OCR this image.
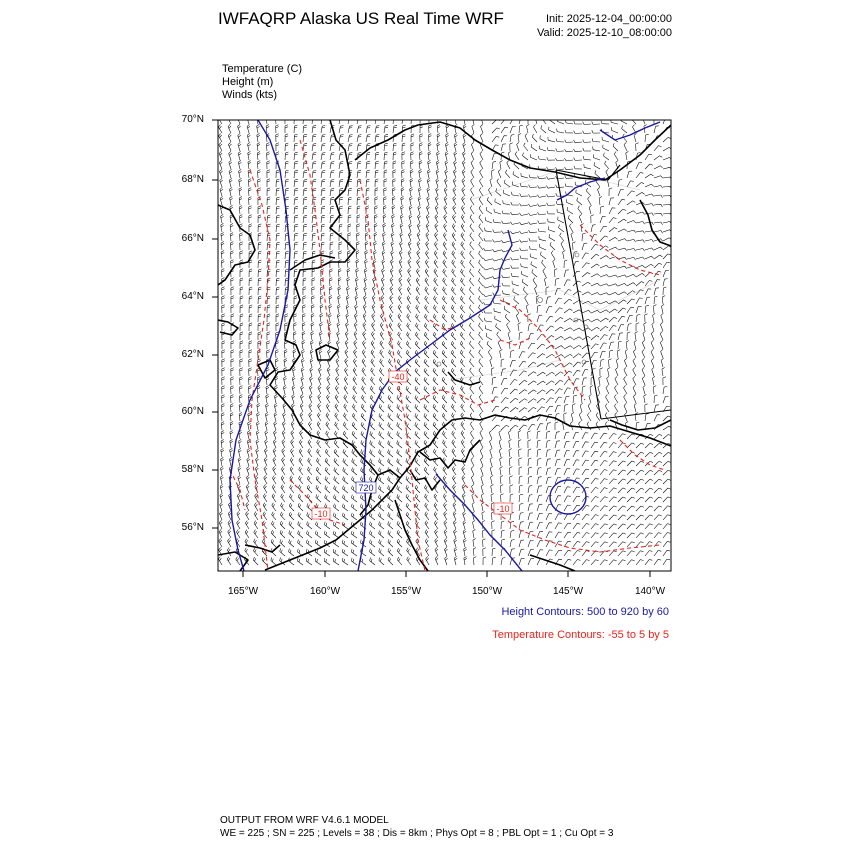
IWFAQRP Alaska US Real Time WRF	Init: 2025-12-04_00:00:00
Valid: 2025-12-10_08:00:00
Temperature (C)
Height (m)
Winds (kts)
720
-40
-10	-10
70°N
68°N
66°N
64°N
62°N
60°N
58°N
56°N
165°W	160°W	155°W	150°W	145°W	140°W
Height Contours: 500 to 920 by 60
Temperature Contours: -55 to 5 by 5
OUTPUT FROM WRF V4.6.1 MODEL
WE = 225 ; SN = 225 ; Levels = 38 ; Dis = 8km ; Phys Opt = 8 ; PBL Opt = 1 ; Cu Opt = 3
